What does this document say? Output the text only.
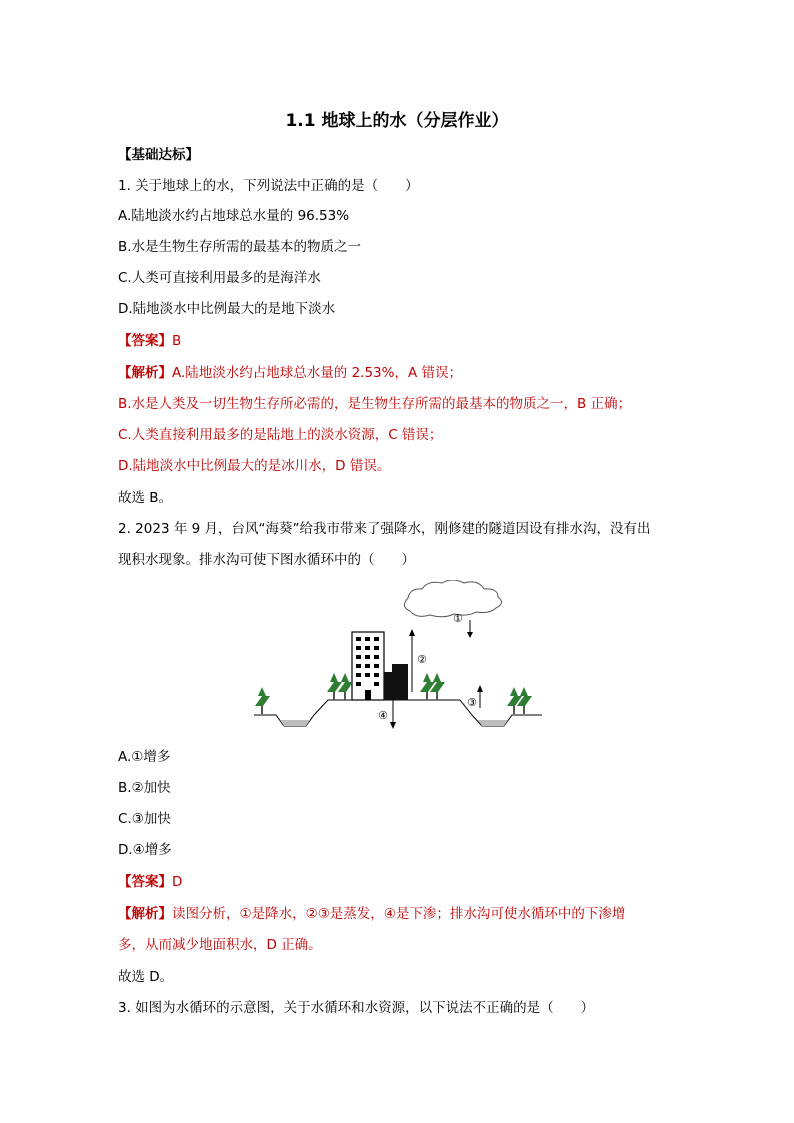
1.1 地球上的水（分层作业）
【基础达标】
1. 关于地球上的水，下列说法中正确的是（　　）
A.陆地淡水约占地球总水量的 96.53%
B.水是生物生存所需的最基本的物质之一
C.人类可直接利用最多的是海洋水
D.陆地淡水中比例最大的是地下淡水
【答案】B
【解析】A.陆地淡水约占地球总水量的 2.53%，A 错误；
B.水是人类及一切生物生存所必需的，是生物生存所需的最基本的物质之一，B 正确；
C.人类直接利用最多的是陆地上的淡水资源，C 错误；
D.陆地淡水中比例最大的是冰川水，D 错误。
故选 B。
2. 2023 年 9 月，台风“海葵”给我市带来了强降水，刚修建的隧道因设有排水沟，没有出
现积水现象。排水沟可使下图水循环中的（　　）
①
②
③
④
A.①增多
B.②加快
C.③加快
D.④增多
【答案】D
【解析】读图分析，①是降水，②③是蒸发，④是下渗；排水沟可使水循环中的下渗增
多，从而减少地面积水，D 正确。
故选 D。
3. 如图为水循环的示意图，关于水循环和水资源，以下说法不正确的是（　　）
